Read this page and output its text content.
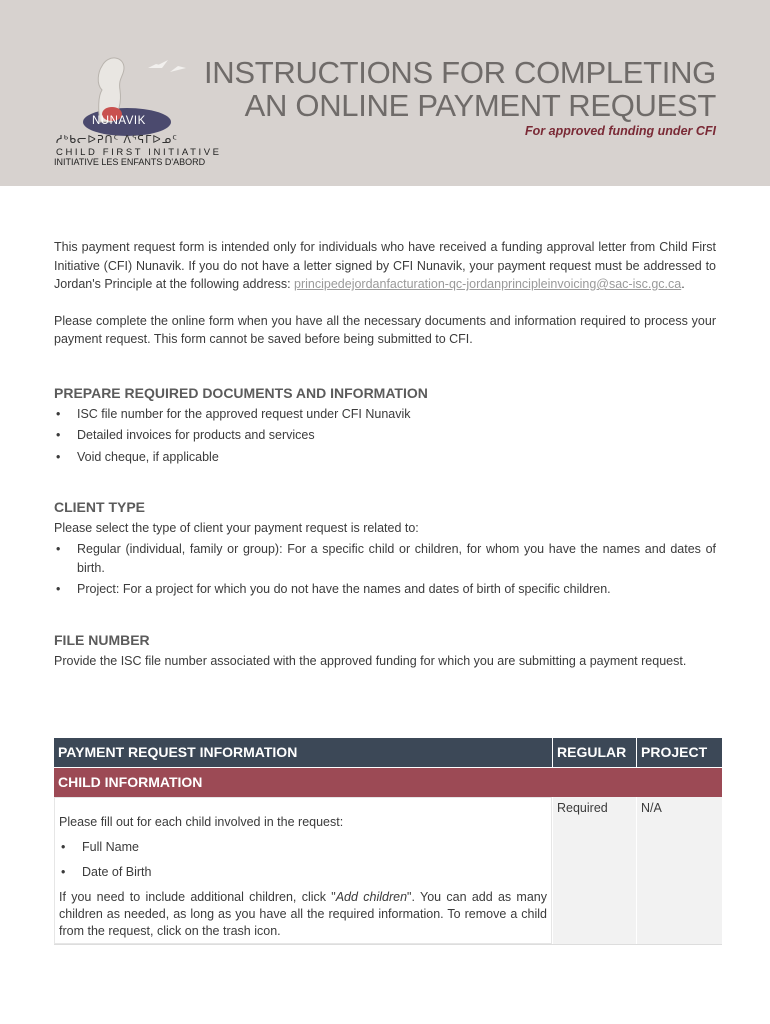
NUNAVIK
ᓱᒃᑲᓕᐅᕈᑎᑦ ᐱᕐᕋᒥᐅᓄᑦ
CHILD FIRST INITIATIVE
INITIATIVE LES ENFANTS D'ABORD
INSTRUCTIONS FOR COMPLETING
AN ONLINE PAYMENT REQUEST
For approved funding under CFI

This payment request form is intended only for individuals who have received a funding approval letter from Child First Initiative (CFI) Nunavik. If you do not have a letter signed by CFI Nunavik, your payment request must be addressed to Jordan's Principle at the following address: principedejordanfacturation-qc-jordanprincipleinvoicing@sac-isc.gc.ca.

Please complete the online form when you have all the necessary documents and information required to process your payment request. This form cannot be saved before being submitted to CFI.

PREPARE REQUIRED DOCUMENTS AND INFORMATION
• ISC file number for the approved request under CFI Nunavik
• Detailed invoices for products and services
• Void cheque, if applicable
CLIENT TYPE
Please select the type of client your payment request is related to:
• Regular (individual, family or group): For a specific child or children, for whom you have the names and dates of birth.
• Project: For a project for which you do not have the names and dates of birth of specific children.
FILE NUMBER
Provide the ISC file number associated with the approved funding for which you are submitting a payment request.
PAYMENT REQUEST INFORMATION	REGULAR	PROJECT
CHILD INFORMATION
Please fill out for each child involved in the request:
• Full Name
• Date of Birth
If you need to include additional children, click "Add children". You can add as many children as needed, as long as you have all the required information. To remove a child from the request, click on the trash icon.
Required	N/A
